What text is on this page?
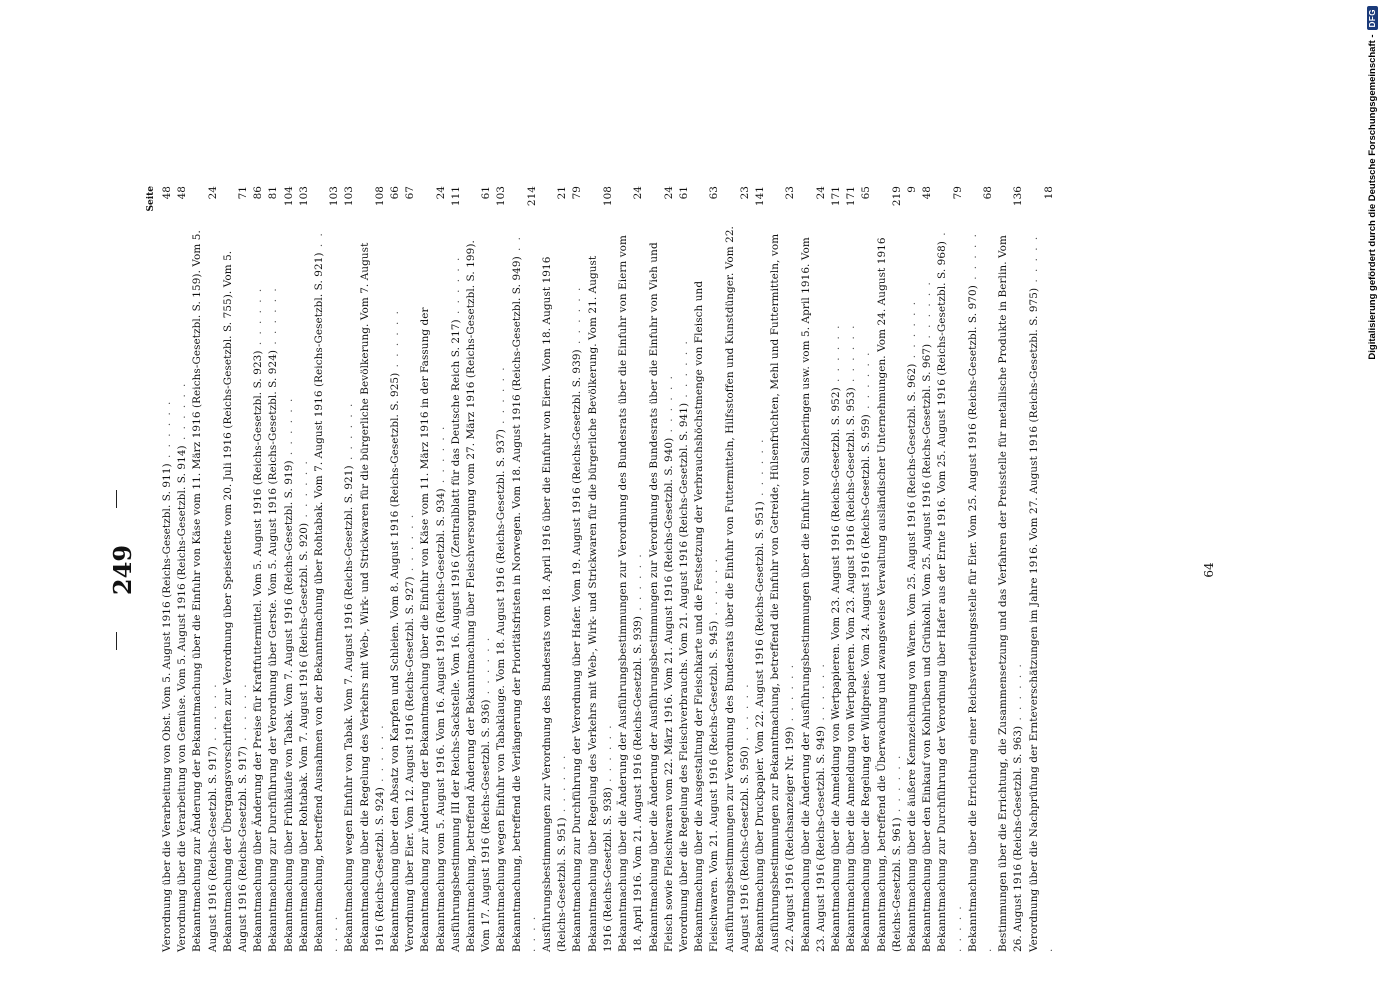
249
Seite
Verordnung über die Verarbeitung von Obst. Vom 5. August 1916 (Reichs-Gesetzbl. S. 911) . . . . . .
48
Verordnung über die Verarbeitung von Gemüse. Vom 5. August 1916 (Reichs-Gesetzbl. S. 914) . . . . . .
48
Bekanntmachung zur Änderung der Bekanntmachung über die Einfuhr von Käse vom 11. März 1916 (Reichs-Gesetzbl. S. 159). Vom 5. August 1916 (Reichs-Gesetzbl. S. 917) . . . . . .
24
Bekanntmachung der Übergangsvorschriften zur Verordnung über Speisefette vom 20. Juli 1916 (Reichs-Gesetzbl. S. 755). Vom 5. August 1916 (Reichs-Gesetzbl. S. 917) . . . . . .
71
Bekanntmachung über Änderung der Preise für Kraftfuttermittel. Vom 5. August 1916 (Reichs-Gesetzbl. S. 923) . . . . . .
86
Bekanntmachung zur Durchführung der Verordnung über Gerste. Vom 5. August 1916 (Reichs-Gesetzbl. S. 924) . . . . . .
81
Bekanntmachung über Frühkäufe von Tabak. Vom 7. August 1916 (Reichs-Gesetzbl. S. 919) . . . . . .
104
Bekanntmachung über Rohtabak. Vom 7. August 1916 (Reichs-Gesetzbl. S. 920) . . . . . .
103
Bekanntmachung, betreffend Ausnahmen von der Bekanntmachung über Rohtabak. Vom 7. August 1916 (Reichs-Gesetzbl. S. 921) . . . . . .
103
Bekanntmachung wegen Einfuhr von Tabak. Vom 7. August 1916 (Reichs-Gesetzbl. S. 921) . . . . . .
103
Bekanntmachung über die Regelung des Verkehrs mit Web-, Wirk- und Strickwaren für die bürgerliche Bevölkerung. Vom 7. August 1916 (Reichs-Gesetzbl. S. 924) . . . . . .
108
Bekanntmachung über den Absatz von Karpfen und Schleien. Vom 8. August 1916 (Reichs-Gesetzbl. S. 925) . . . . . .
66
Verordnung über Eier. Vom 12. August 1916 (Reichs-Gesetzbl. S. 927) . . . . . .
67
Bekanntmachung zur Änderung der Bekanntmachung über die Einfuhr von Käse vom 11. März 1916 in der Fassung der Bekanntmachung vom 5. August 1916. Vom 16. August 1916 (Reichs-Gesetzbl. S. 934) . . . . . .
24
Ausführungsbestimmung III der Reichs-Sackstelle. Vom 16. August 1916 (Zentralblatt für das Deutsche Reich S. 217) . . . . . .
111
Bekanntmachung, betreffend Änderung der Bekanntmachung über Fleischversorgung vom 27. März 1916 (Reichs-Gesetzbl. S. 199). Vom 17. August 1916 (Reichs-Gesetzbl. S. 936) . . . . . .
61
Bekanntmachung wegen Einfuhr von Tabaklauge. Vom 18. August 1916 (Reichs-Gesetzbl. S. 937) . . . . . .
103
Bekanntmachung, betreffend die Verlängerung der Prioritätsfristen in Norwegen. Vom 18. August 1916 (Reichs-Gesetzbl. S. 949) . . . . . .
214
Ausführungsbestimmungen zur Verordnung des Bundesrats vom 18. April 1916 über die Einfuhr von Eiern. Vom 18. August 1916 (Reichs-Gesetzbl. S. 951) . . . . . .
21
Bekanntmachung zur Durchführung der Verordnung über Hafer. Vom 19. August 1916 (Reichs-Gesetzbl. S. 939) . . . . . .
79
Bekanntmachung über Regelung des Verkehrs mit Web-, Wirk- und Strickwaren für die bürgerliche Bevölkerung. Vom 21. August 1916 (Reichs-Gesetzbl. S. 938) . . . . . .
108
Bekanntmachung über die Änderung der Ausführungsbestimmungen zur Verordnung des Bundesrats über die Einfuhr von Eiern vom 18. April 1916. Vom 21. August 1916 (Reichs-Gesetzbl. S. 939) . . . . . .
24
Bekanntmachung über die Änderung der Ausführungsbestimmungen zur Verordnung des Bundesrats über die Einfuhr von Vieh und Fleisch sowie Fleischwaren vom 22. März 1916. Vom 21. August 1916 (Reichs-Gesetzbl. S. 940) . . . . . .
24
Verordnung über die Regelung des Fleischverbrauchs. Vom 21. August 1916 (Reichs-Gesetzbl. S. 941) . . . . . .
61
Bekanntmachung über die Ausgestaltung der Fleischkarte und die Festsetzung der Verbrauchshöchstmenge von Fleisch und Fleischwaren. Vom 21. August 1916 (Reichs-Gesetzbl. S. 945) . . . . . .
63
Ausführungsbestimmungen zur Verordnung des Bundesrats über die Einfuhr von Futtermitteln, Hilfsstoffen und Kunstdünger. Vom 22. August 1916 (Reichs-Gesetzbl. S. 950) . . . . . .
23
Bekanntmachung über Druckpapier. Vom 22. August 1916 (Reichs-Gesetzbl. S. 951) . . . . . .
141
Ausführungsbestimmungen zur Bekanntmachung, betreffend die Einfuhr von Getreide, Hülsenfrüchten, Mehl und Futtermitteln, vom 22. August 1916 (Reichsanzeiger Nr. 199) . . . . . .
23
Bekanntmachung über die Änderung der Ausführungsbestimmungen über die Einfuhr von Salzheringen usw. vom 5. April 1916. Vom 23. August 1916 (Reichs-Gesetzbl. S. 949) . . . . . .
24
Bekanntmachung über die Anmeldung von Wertpapieren. Vom 23. August 1916 (Reichs-Gesetzbl. S. 952) . . . . . .
171
Bekanntmachung über die Anmeldung von Wertpapieren. Vom 23. August 1916 (Reichs-Gesetzbl. S. 953) . . . . . .
171
Bekanntmachung über die Regelung der Wildpreise. Vom 24. August 1916 (Reichs-Gesetzbl. S. 959) . . . . . .
65
Bekanntmachung, betreffend die Überwachung und zwangsweise Verwaltung ausländischer Unternehmungen. Vom 24. August 1916 (Reichs-Gesetzbl. S. 961) . . . . . .
219
Bekanntmachung über die äußere Kennzeichnung von Waren. Vom 25. August 1916 (Reichs-Gesetzbl. S. 962) . . . . . .
9
Bekanntmachung über den Einkauf von Kohlrüben und Grünkohl. Vom 25. August 1916 (Reichs-Gesetzbl. S. 967) . . . . . .
48
Bekanntmachung zur Durchführung der Verordnung über Hafer aus der Ernte 1916. Vom 25. August 1916 (Reichs-Gesetzbl. S. 968) . . . . . .
79
Bekanntmachung über die Errichtung einer Reichsverteilungsstelle für Eier. Vom 25. August 1916 (Reichs-Gesetzbl. S. 970) . . . . . .
68
Bestimmungen über die Errichtung, die Zusammensetzung und das Verfahren der Preisstelle für metallische Produkte in Berlin. Vom 26. August 1916 (Reichs-Gesetzbl. S. 963) . . . . . .
136
Verordnung über die Nachprüfung der Ernteverschätzungen im Jahre 1916. Vom 27. August 1916 (Reichs-Gesetzbl. S. 975) . . . . . .
18
64
Digitalisierung gefördert durch die Deutsche Forschungsgemeinschaft -
DFG
